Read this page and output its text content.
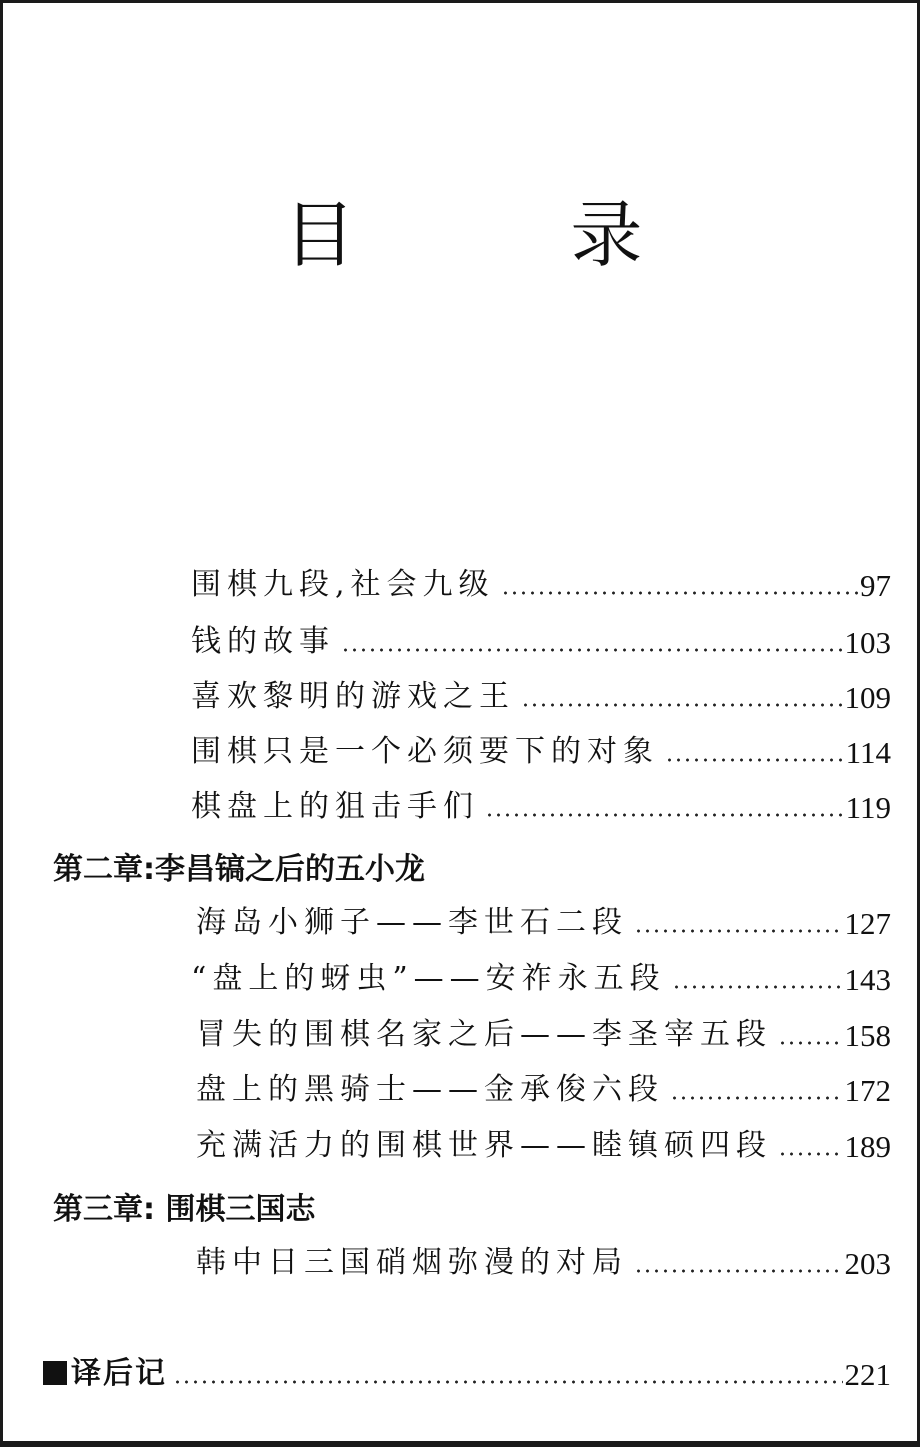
目 录
围棋九段,社会九级	97
钱的故事	103
喜欢黎明的游戏之王	109
围棋只是一个必须要下的对象	114
棋盘上的狙击手们	119
第二章:李昌镐之后的五小龙
海岛小狮子——李世石二段	127
“盘上的蚜虫”——安祚永五段	143
冒失的围棋名家之后——李圣宰五段 158
盘上的黑骑士——金承俊六段	172
充满活力的围棋世界——睦镇硕四段 189
第三章: 围棋三国志
韩中日三国硝烟弥漫的对局	203
译后记	221
